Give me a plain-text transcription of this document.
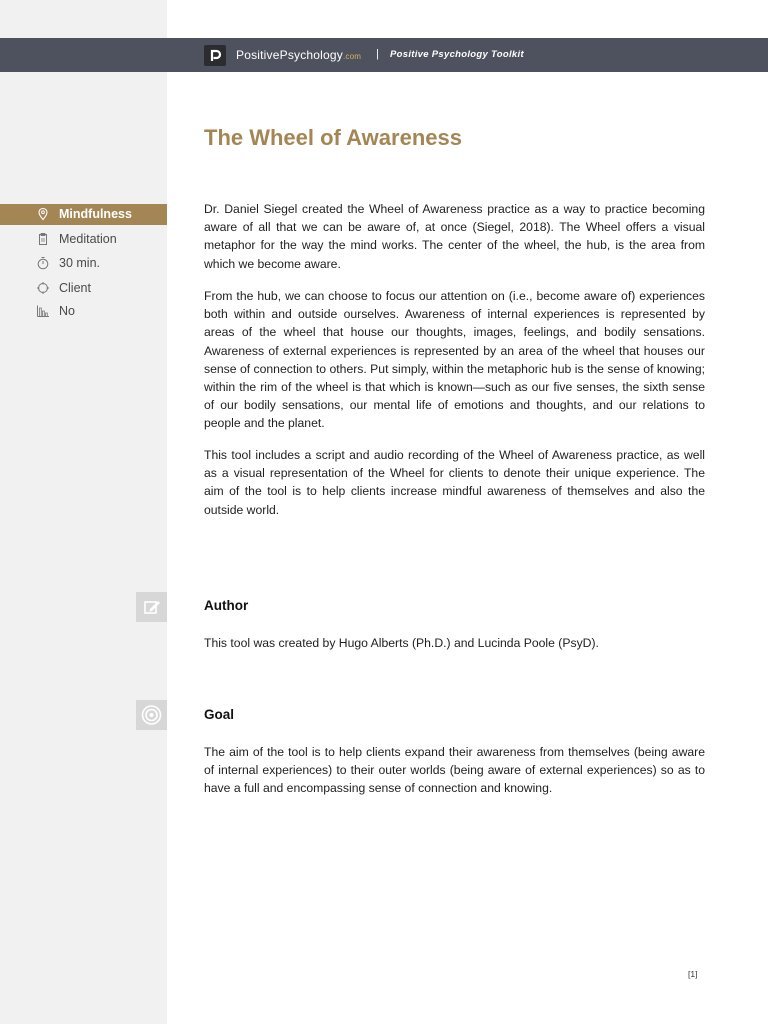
PositivePsychology.com | Positive Psychology Toolkit
The Wheel of Awareness
Mindfulness
Meditation
30 min.
Client
No

Dr. Daniel Siegel created the Wheel of Awareness practice as a way to practice becoming aware of all that we can be aware of, at once (Siegel, 2018). The Wheel offers a visual metaphor for the way the mind works. The center of the wheel, the hub, is the area from which we become aware.

From the hub, we can choose to focus our attention on (i.e., become aware of) experiences both within and outside ourselves. Awareness of internal experiences is represented by areas of the wheel that house our thoughts, images, feelings, and bodily sensations. Awareness of external experiences is represented by an area of the wheel that houses our sense of connection to others. Put simply, within the metaphoric hub is the sense of knowing; within the rim of the wheel is that which is known—such as our five senses, the sixth sense of our bodily sensations, our mental life of emotions and thoughts, and our relations to people and the planet.

This tool includes a script and audio recording of the Wheel of Awareness practice, as well as a visual representation of the Wheel for clients to denote their unique experience. The aim of the tool is to help clients increase mindful awareness of themselves and also the outside world.

Author

This tool was created by Hugo Alberts (Ph.D.) and Lucinda Poole (PsyD).

Goal

The aim of the tool is to help clients expand their awareness from themselves (being aware of internal experiences) to their outer worlds (being aware of external experiences) so as to have a full and encompassing sense of connection and knowing.

[1]
